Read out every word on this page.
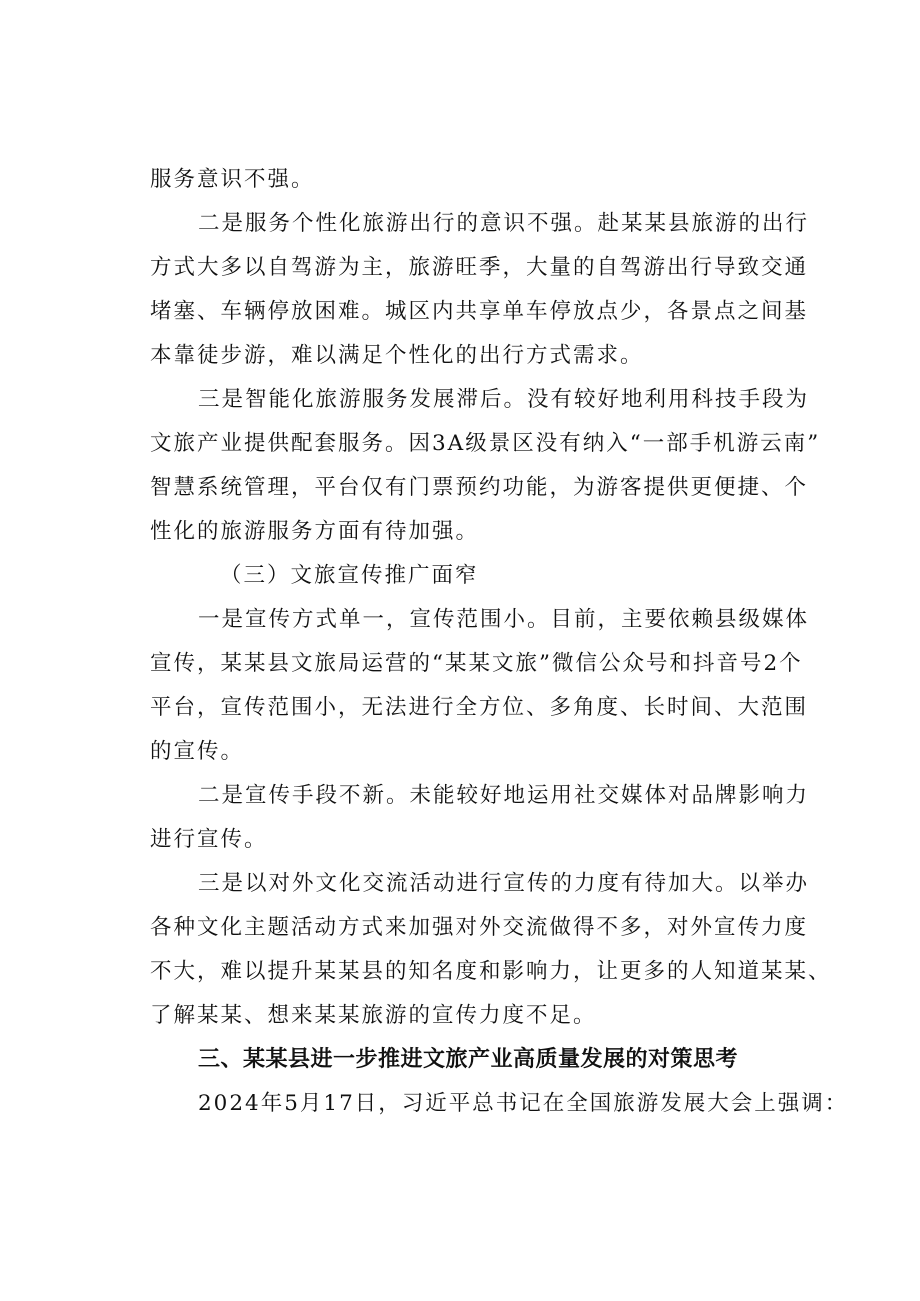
服务意识不强。
二是服务个性化旅游出行的意识不强。赴某某县旅游的出行
方式大多以自驾游为主，旅游旺季，大量的自驾游出行导致交通
堵塞、车辆停放困难。城区内共享单车停放点少，各景点之间基
本靠徒步游，难以满足个性化的出行方式需求。
三是智能化旅游服务发展滞后。没有较好地利用科技手段为
文旅产业提供配套服务。因3A级景区没有纳入“一部手机游云南”
智慧系统管理，平台仅有门票预约功能，为游客提供更便捷、个
性化的旅游服务方面有待加强。
（三）文旅宣传推广面窄
一是宣传方式单一，宣传范围小。目前，主要依赖县级媒体
宣传，某某县文旅局运营的“某某文旅”微信公众号和抖音号2个
平台，宣传范围小，无法进行全方位、多角度、长时间、大范围
的宣传。
二是宣传手段不新。未能较好地运用社交媒体对品牌影响力
进行宣传。
三是以对外文化交流活动进行宣传的力度有待加大。以举办
各种文化主题活动方式来加强对外交流做得不多，对外宣传力度
不大，难以提升某某县的知名度和影响力，让更多的人知道某某、
了解某某、想来某某旅游的宣传力度不足。
三、某某县进一步推进文旅产业高质量发展的对策思考
2024年5月17日，习近平总书记在全国旅游发展大会上强调：
